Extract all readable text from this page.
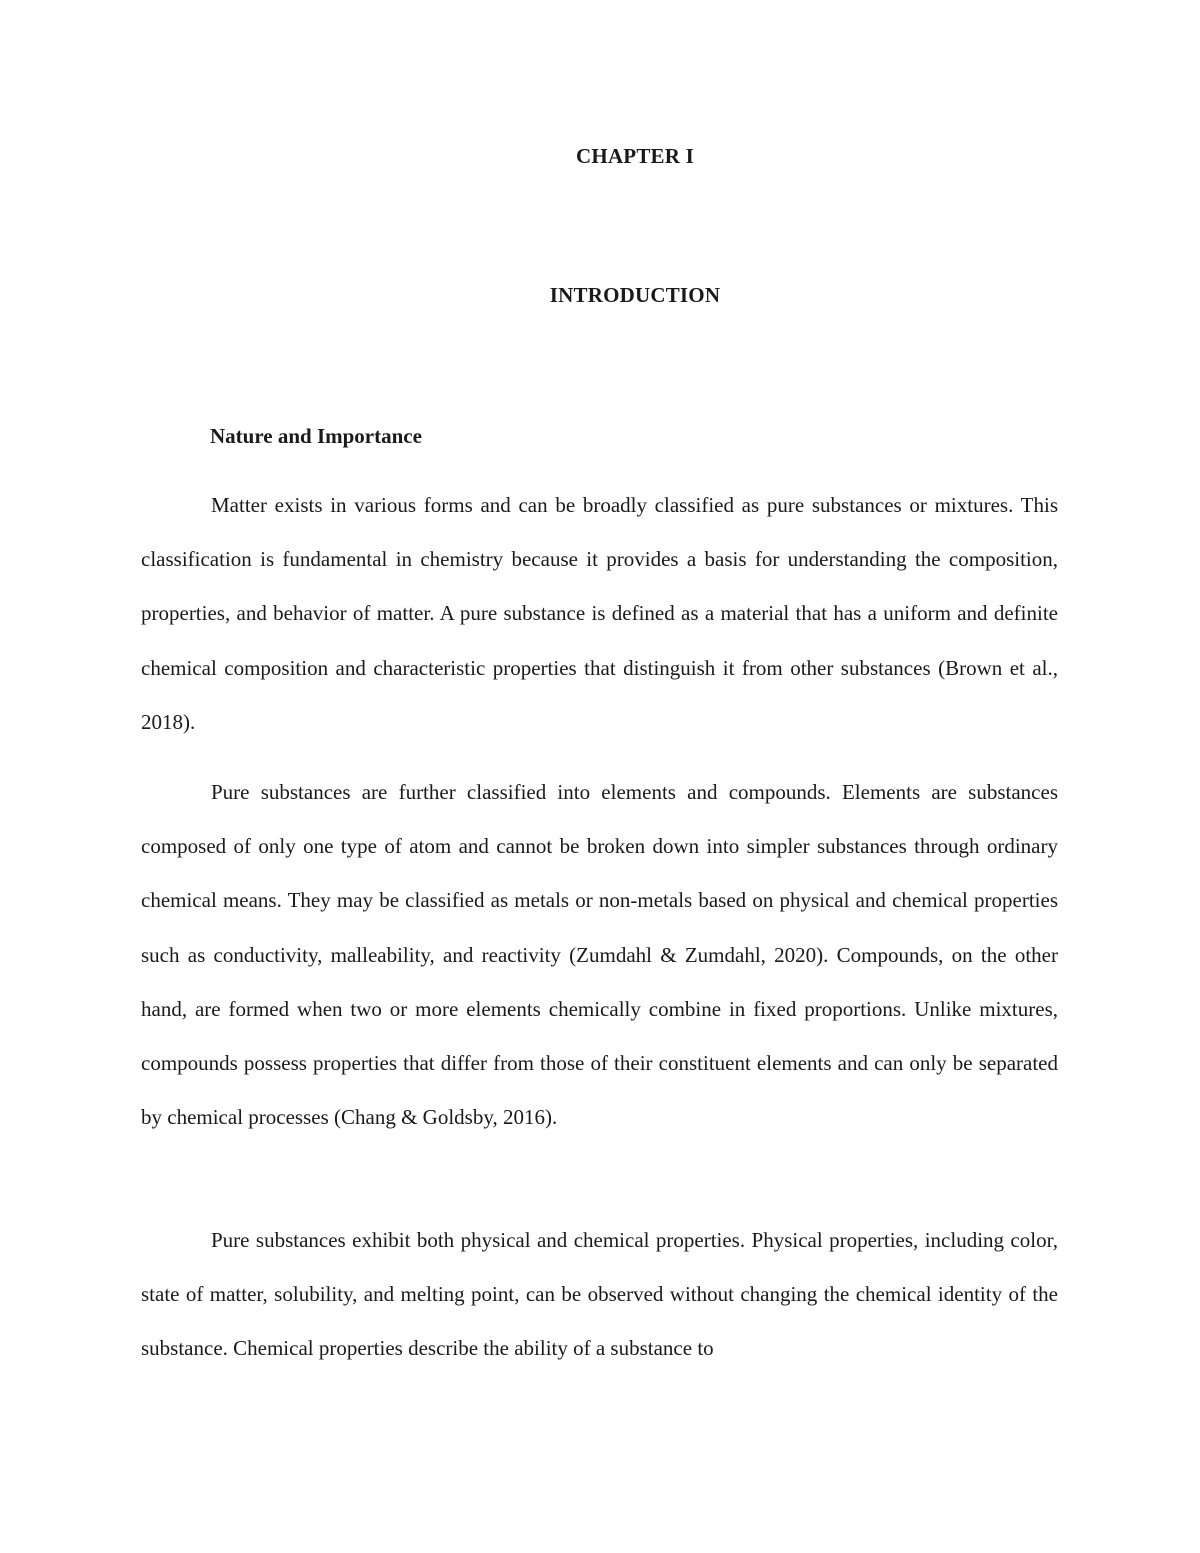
CHAPTER I
INTRODUCTION
Nature and Importance

Matter exists in various forms and can be broadly classified as pure substances or mixtures. This classification is fundamental in chemistry because it provides a basis for understanding the composition, properties, and behavior of matter. A pure substance is defined as a material that has a uniform and definite chemical composition and characteristic properties that distinguish it from other substances (Brown et al., 2018).

Pure substances are further classified into elements and compounds. Elements are substances composed of only one type of atom and cannot be broken down into simpler substances through ordinary chemical means. They may be classified as metals or non-metals based on physical and chemical properties such as conductivity, malleability, and reactivity (Zumdahl & Zumdahl, 2020). Compounds, on the other hand, are formed when two or more elements chemically combine in fixed proportions. Unlike mixtures, compounds possess properties that differ from those of their constituent elements and can only be separated by chemical processes (Chang & Goldsby, 2016).

Pure substances exhibit both physical and chemical properties. Physical properties, including color, state of matter, solubility, and melting point, can be observed without changing the chemical identity of the substance. Chemical properties describe the ability of a substance to
